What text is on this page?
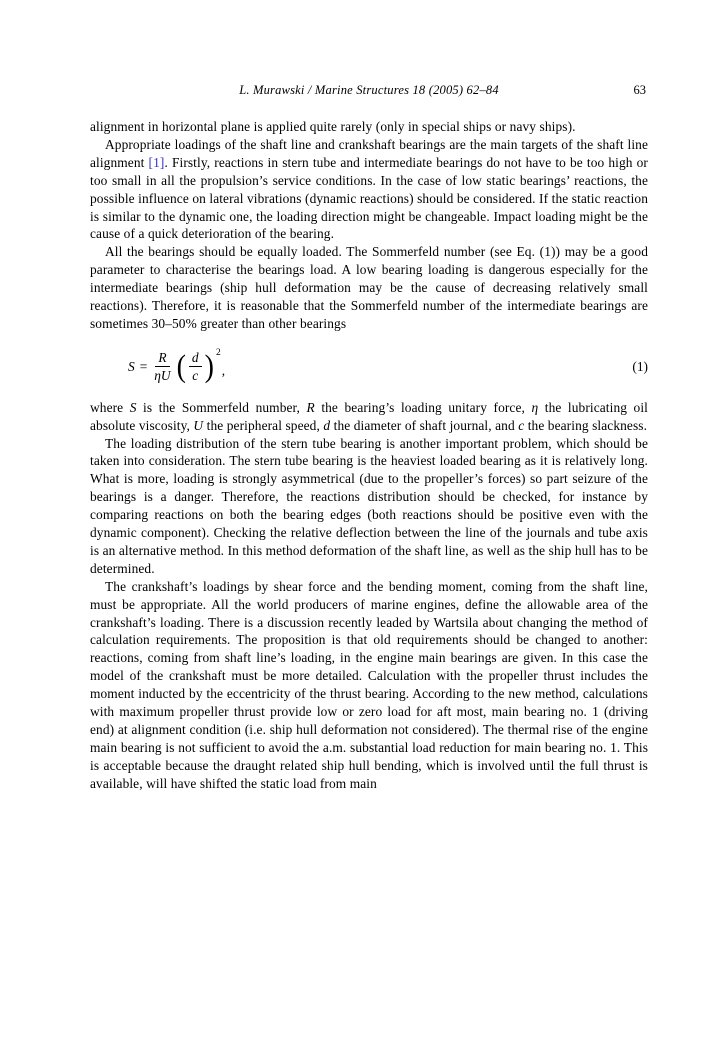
L. Murawski / Marine Structures 18 (2005) 62–84	63

alignment in horizontal plane is applied quite rarely (only in special ships or navy ships).

Appropriate loadings of the shaft line and crankshaft bearings are the main targets of the shaft line alignment [1]. Firstly, reactions in stern tube and intermediate bearings do not have to be too high or too small in all the propulsion’s service conditions. In the case of low static bearings’ reactions, the possible influence on lateral vibrations (dynamic reactions) should be considered. If the static reaction is similar to the dynamic one, the loading direction might be changeable. Impact loading might be the cause of a quick deterioration of the bearing.

All the bearings should be equally loaded. The Sommerfeld number (see Eq. (1)) may be a good parameter to characterise the bearings load. A low bearing loading is dangerous especially for the intermediate bearings (ship hull deformation may be the cause of decreasing relatively small reactions). Therefore, it is reasonable that the Sommerfeld number of the intermediate bearings are sometimes 30–50% greater than other bearings

$S = \frac{R}{\eta U}$ ( $\frac{d}{c}$ ) 2
,	(1)

where S is the Sommerfeld number, R the bearing’s loading unitary force, η the lubricating oil absolute viscosity, U the peripheral speed, d the diameter of shaft journal, and c the bearing slackness.

The loading distribution of the stern tube bearing is another important problem, which should be taken into consideration. The stern tube bearing is the heaviest loaded bearing as it is relatively long. What is more, loading is strongly asymmetrical (due to the propeller’s forces) so part seizure of the bearings is a danger. Therefore, the reactions distribution should be checked, for instance by comparing reactions on both the bearing edges (both reactions should be positive even with the dynamic component). Checking the relative deflection between the line of the journals and tube axis is an alternative method. In this method deformation of the shaft line, as well as the ship hull has to be determined.

The crankshaft’s loadings by shear force and the bending moment, coming from the shaft line, must be appropriate. All the world producers of marine engines, define the allowable area of the crankshaft’s loading. There is a discussion recently leaded by Wartsila about changing the method of calculation requirements. The proposition is that old requirements should be changed to another: reactions, coming from shaft line’s loading, in the engine main bearings are given. In this case the model of the crankshaft must be more detailed. Calculation with the propeller thrust includes the moment inducted by the eccentricity of the thrust bearing. According to the new method, calculations with maximum propeller thrust provide low or zero load for aft most, main bearing no. 1 (driving end) at alignment condition (i.e. ship hull deformation not considered). The thermal rise of the engine main bearing is not sufficient to avoid the a.m. substantial load reduction for main bearing no. 1. This is acceptable because the draught related ship hull bending, which is involved until the full thrust is available, will have shifted the static load from main
